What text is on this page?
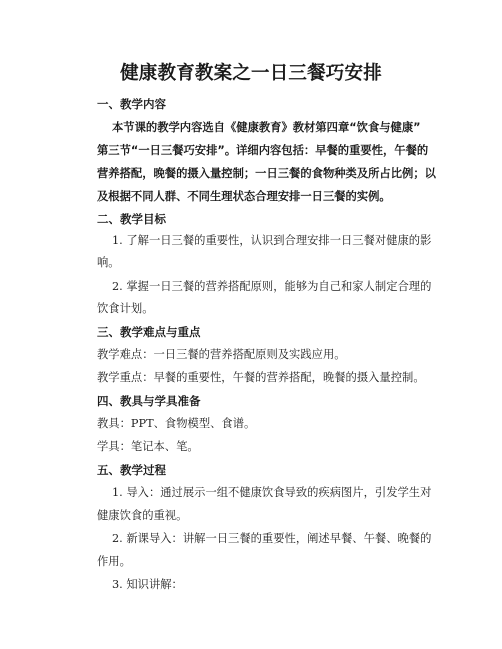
健康教育教案之一日三餐巧安排
一、教学内容
本节课的教学内容选自《健康教育》教材第四章“饮食与健康”
第三节“一日三餐巧安排”。详细内容包括：早餐的重要性，午餐的
营养搭配，晚餐的摄入量控制；一日三餐的食物种类及所占比例；以
及根据不同人群、不同生理状态合理安排一日三餐的实例。
二、教学目标
1. 了解一日三餐的重要性，认识到合理安排一日三餐对健康的影
响。
2. 掌握一日三餐的营养搭配原则，能够为自己和家人制定合理的
饮食计划。
三、教学难点与重点
教学难点：一日三餐的营养搭配原则及实践应用。
教学重点：早餐的重要性，午餐的营养搭配，晚餐的摄入量控制。
四、教具与学具准备
教具：PPT、食物模型、食谱。
学具：笔记本、笔。
五、教学过程
1. 导入：通过展示一组不健康饮食导致的疾病图片，引发学生对
健康饮食的重视。
2. 新课导入：讲解一日三餐的重要性，阐述早餐、午餐、晚餐的
作用。
3. 知识讲解：
